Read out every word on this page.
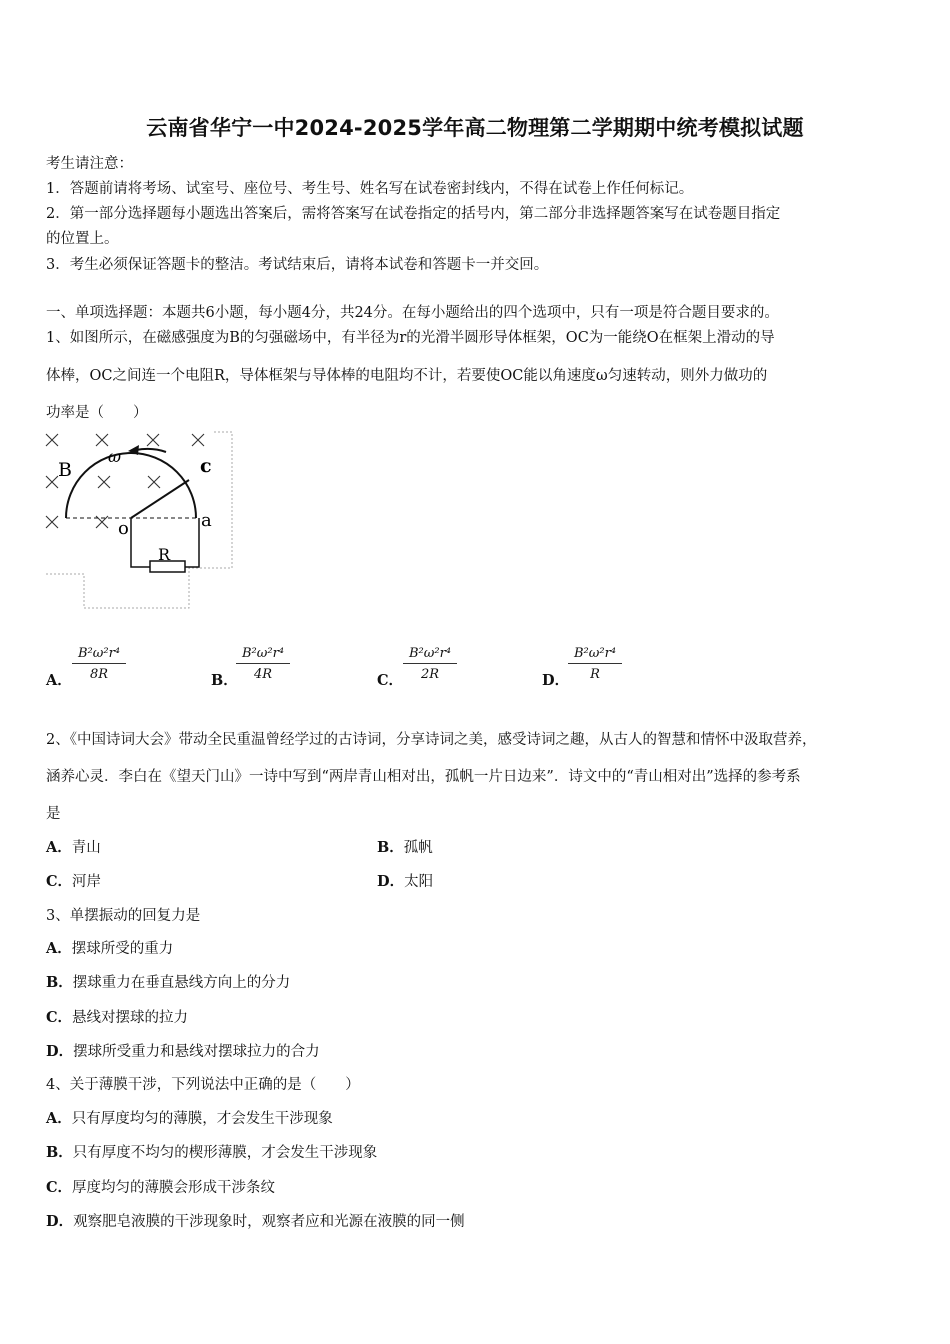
云南省华宁一中2024-2025学年高二物理第二学期期中统考模拟试题
考生请注意：
1．答题前请将考场、试室号、座位号、考生号、姓名写在试卷密封线内，不得在试卷上作任何标记。
2．第一部分选择题每小题选出答案后，需将答案写在试卷指定的括号内，第二部分非选择题答案写在试卷题目指定
的位置上。
3．考生必须保证答题卡的整洁。考试结束后，请将本试卷和答题卡一并交回。
一、单项选择题：本题共6小题，每小题4分，共24分。在每小题给出的四个选项中，只有一项是符合题目要求的。
1、如图所示，在磁感强度为B的匀强磁场中，有半径为r的光滑半圆形导体框架，OC为一能绕O在框架上滑动的导
体棒，OC之间连一个电阻R，导体框架与导体棒的电阻均不计，若要使OC能以角速度ω匀速转动，则外力做功的
功率是（　　）
B
ω	c
o	a
R
A． $\frac{\text{B²ω²r⁴}}{8R}$	B．
$\frac{\text{B²ω²r⁴}}{4R}$	C． $\frac{\text{B²ω²r⁴}}{2R}$	D．
$\frac{\text{B²ω²r⁴}}{R}$
2、《中国诗词大会》带动全民重温曾经学过的古诗词，分享诗词之美，感受诗词之趣，从古人的智慧和情怀中汲取营养，
涵养心灵．李白在《望天门山》一诗中写到“两岸青山相对出，孤帆一片日边来”．诗文中的“青山相对出”选择的参考系
是
A．青山	B．孤帆
C．河岸	D．太阳
3、单摆振动的回复力是
A．摆球所受的重力
B．摆球重力在垂直悬线方向上的分力
C．悬线对摆球的拉力
D．摆球所受重力和悬线对摆球拉力的合力
4、关于薄膜干涉，下列说法中正确的是（　　）
A．只有厚度均匀的薄膜，才会发生干涉现象
B．只有厚度不均匀的楔形薄膜，才会发生干涉现象
C．厚度均匀的薄膜会形成干涉条纹
D．观察肥皂液膜的干涉现象时，观察者应和光源在液膜的同一侧
